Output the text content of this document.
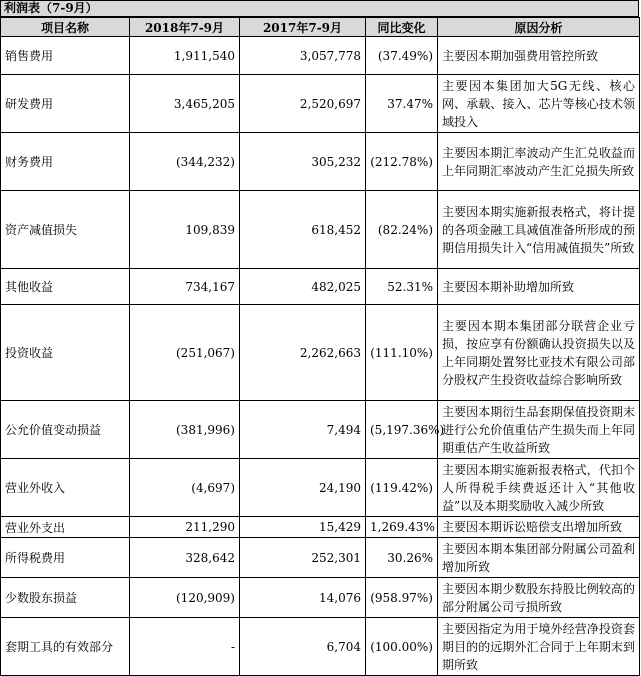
利润表（7-9月）
项目名称	2018年7-9月	2017年7-9月	同比变化	原因分析
销售费用	1,911,540	3,057,778	(37.49%)	主要因本期加强费用管控所致
研发费用	3,465,205	2,520,697	37.47%	主要因本集团加大5G无线、核心网、承载、接入、芯片等核心技术领域投入
财务费用	(344,232)	305,232	(212.78%)	主要因本期汇率波动产生汇兑收益而上年同期汇率波动产生汇兑损失所致
资产减值损失	109,839	618,452	(82.24%)	主要因本期实施新报表格式，将计提的各项金融工具减值准备所形成的预期信用损失计入“信用减值损失”所致
其他收益	734,167	482,025	52.31%	主要因本期补助增加所致
投资收益	(251,067)	2,262,663	(111.10%)	主要因本期本集团部分联营企业亏损，按应享有份额确认投资损失以及上年同期处置努比亚技术有限公司部分股权产生投资收益综合影响所致
公允价值变动损益	(381,996)	7,494	(5,197.36%)	主要因本期衍生品套期保值投资期末进行公允价值重估产生损失而上年同期重估产生收益所致
营业外收入	(4,697)	24,190	(119.42%)	主要因本期实施新报表格式，代扣个人所得税手续费返还计入“其他收益”以及本期奖励收入减少所致
营业外支出	211,290	15,429	1,269.43%	主要因本期诉讼赔偿支出增加所致
所得税费用	328,642	252,301	30.26%	主要因本期本集团部分附属公司盈利增加所致
少数股东损益	(120,909)	14,076	(958.97%)	主要因本期少数股东持股比例较高的部分附属公司亏损所致
套期工具的有效部分	-	6,704	(100.00%)	主要因指定为用于境外经营净投资套期目的的远期外汇合同于上年期末到期所致
